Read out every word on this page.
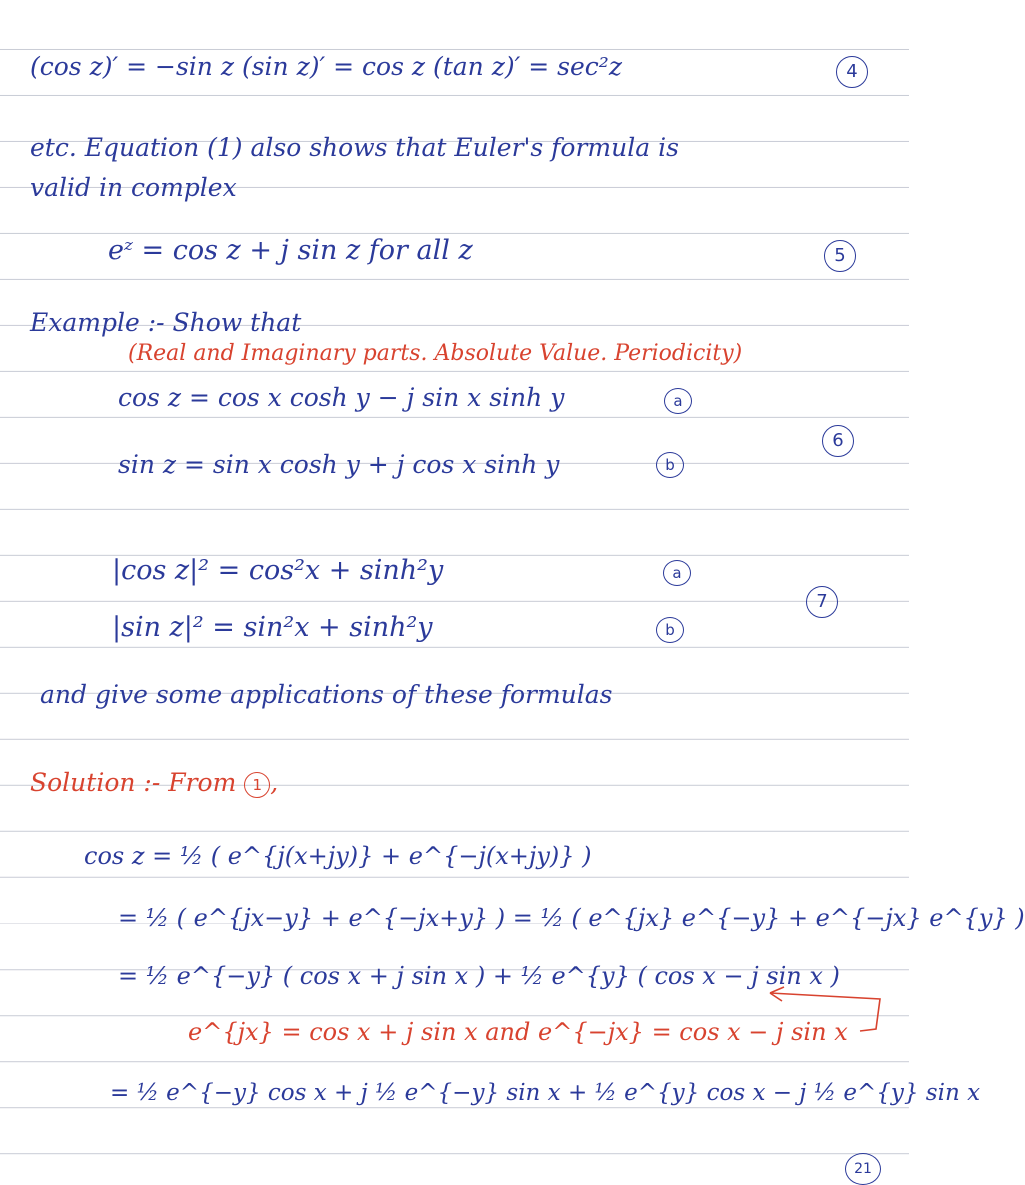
(cos z)′ = −sin z (sin z)′ = cos z (tan z)′ = sec²z	4
etc. Equation (1) also shows that Euler's formula is
valid in complex
eᶻ = cos z + j sin z for all z	5
Example :- Show that
(Real and Imaginary parts. Absolute Value. Periodicity)
cos z = cos x cosh y − j sin x sinh y	a
6
sin z = sin x cosh y + j cos x sinh y	b
|cos z|² = cos²x + sinh²y	a
7
|sin z|² = sin²x + sinh²y	b
and give some applications of these formulas
Solution :- From 1 ,
cos z = ½ ( e^{j(x+jy)} + e^{−j(x+jy)} )
= ½ ( e^{jx−y} + e^{−jx+y} ) = ½ ( e^{jx} e^{−y} + e^{−jx} e^{y} )
= ½ e^{−y} ( cos x + j sin x ) + ½ e^{y} ( cos x − j sin x )
e^{jx} = cos x + j sin x and e^{−jx} = cos x − j sin x
= ½ e^{−y} cos x + j ½ e^{−y} sin x + ½ e^{y} cos x − j ½ e^{y} sin x
21
